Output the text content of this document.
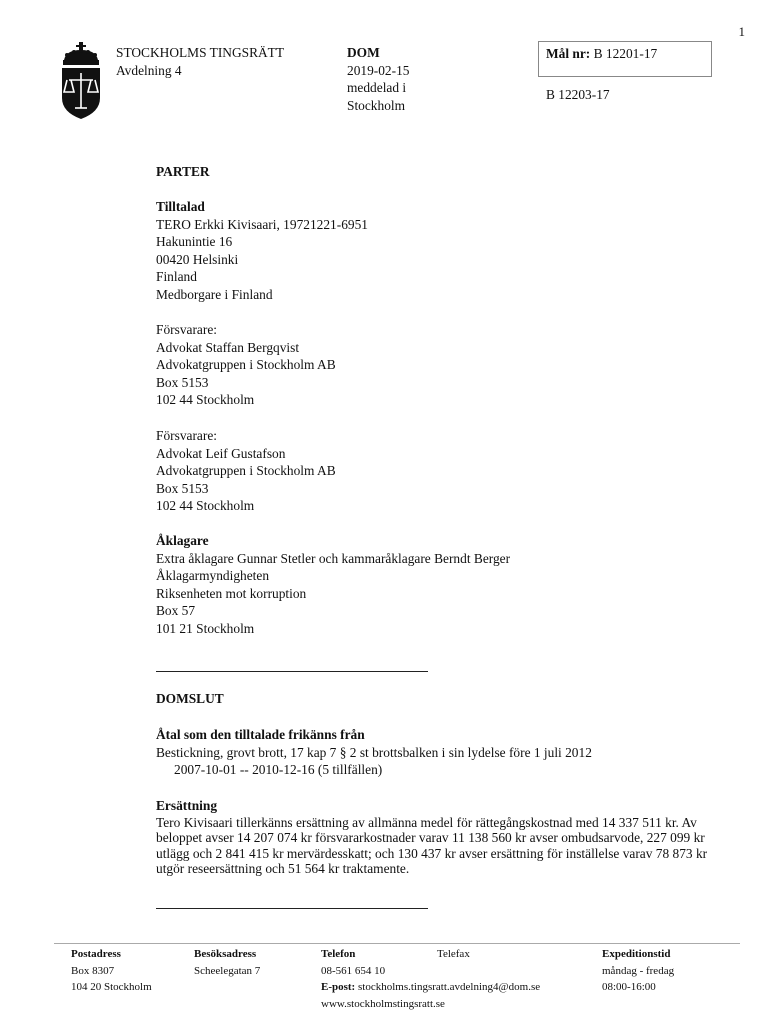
1
STOCKHOLMS TINGSRÄTT
Avdelning 4
DOM
2019-02-15
meddelad i
Stockholm
Mål nr: B 12201-17
B 12203-17
PARTER
Tilltalad
TERO Erkki Kivisaari, 19721221-6951
Hakunintie 16
00420 Helsinki
Finland
Medborgare i Finland
Försvarare:
Advokat Staffan Bergqvist
Advokatgruppen i Stockholm AB
Box 5153
102 44 Stockholm
Försvarare:
Advokat Leif Gustafson
Advokatgruppen i Stockholm AB
Box 5153
102 44 Stockholm
Åklagare
Extra åklagare Gunnar Stetler och kammaråklagare Berndt Berger
Åklagarmyndigheten
Riksenheten mot korruption
Box 57
101 21 Stockholm
DOMSLUT
Åtal som den tilltalade frikänns från
Bestickning, grovt brott, 17 kap 7 § 2 st brottsbalken i sin lydelse före 1 juli 2012
2007-10-01 -- 2010-12-16 (5 tillfällen)
Ersättning
Tero Kivisaari tillerkänns ersättning av allmänna medel för rättegångskostnad med 14 337 511 kr. Av beloppet avser 14 207 074 kr försvararkostnader varav 11 138 560 kr avser ombudsarvode, 227 099 kr utlägg och 2 841 415 kr mervärdesskatt; och 130 437 kr avser ersättning för inställelse varav 78 873 kr utgör reseersättning och 51 564 kr traktamente.
Postadress
Box 8307
104 20 Stockholm
Besöksadress
Scheelegatan 7
Telefon
08-561 654 10
E-post: stockholms.tingsratt.avdelning4@dom.se
www.stockholmstingsratt.se
Telefax	Expeditionstid
måndag - fredag
08:00-16:00
